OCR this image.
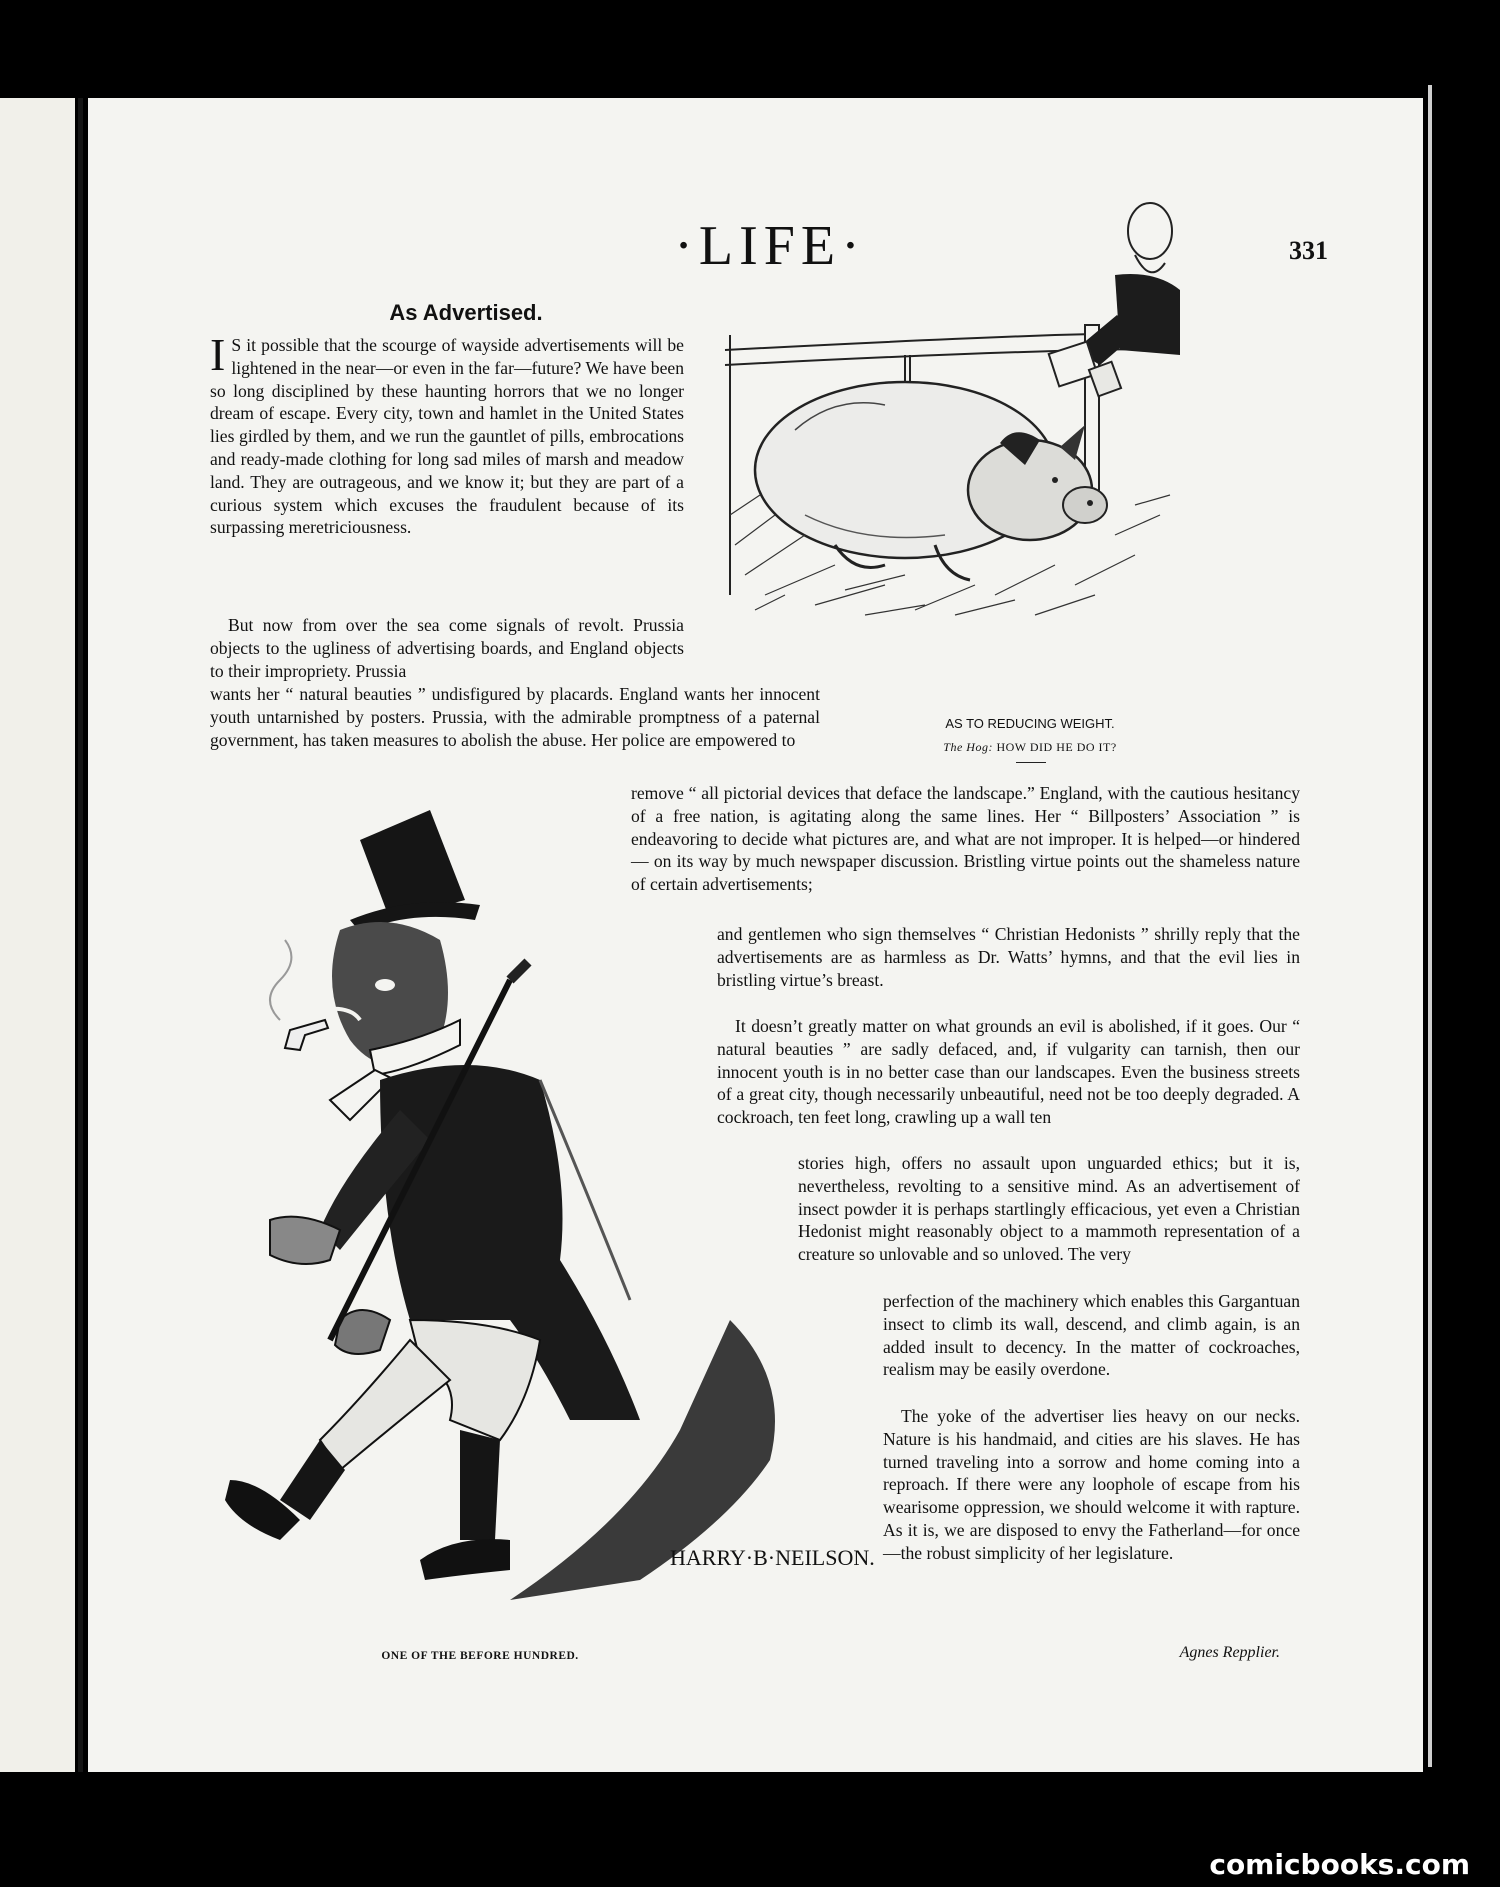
·LIFE·	331
AS TO REDUCING WEIGHT.
The Hog: HOW DID HE DO IT?
HARRY·B·NEILSON.
ONE OF THE BEFORE HUNDRED.
As Advertised.

I S it possible that the scourge of wayside advertisements will be lightened in the near—or even in the far—future? We have been so long disciplined by these haunting horrors that we no longer dream of escape. Every city, town and hamlet in the United States lies girdled by them, and we run the gauntlet of pills, embrocations and ready-made clothing for long sad miles of marsh and meadow land. They are outrageous, and we know it; but they are part of a curious system which excuses the fraudulent because of its surpassing meretriciousness.

But now from over the sea come signals of revolt. Prussia objects to the ugliness of advertising boards, and England objects to their impropriety. Prussia

wants her “ natural beauties ” undisfigured by placards. England wants her innocent youth untarnished by posters. Prussia, with the admirable promptness of a paternal government, has taken measures to abolish the abuse. Her police are empowered to

remove “ all pictorial devices that deface the landscape.” England, with the cautious hesitancy of a free nation, is agitating along the same lines. Her “ Billposters’ Association ” is endeavoring to decide what pictures are, and what are not improper. It is helped—or hindered — on its way by much newspaper discussion. Bristling virtue points out the shameless nature of certain advertisements;

and gentlemen who sign themselves “ Christian Hedonists ” shrilly reply that the advertisements are as harmless as Dr. Watts’ hymns, and that the evil lies in bristling virtue’s breast.

It doesn’t greatly matter on what grounds an evil is abolished, if it goes. Our “ natural beauties ” are sadly defaced, and, if vulgarity can tarnish, then our innocent youth is in no better case than our landscapes. Even the business streets of a great city, though necessarily unbeautiful, need not be too deeply degraded. A cockroach, ten feet long, crawling up a wall ten

stories high, offers no assault upon unguarded ethics; but it is, nevertheless, revolting to a sensitive mind. As an advertisement of insect powder it is perhaps startlingly efficacious, yet even a Christian Hedonist might reasonably object to a mammoth representation of a creature so unlovable and so unloved. The very

perfection of the machinery which enables this Gargantuan insect to climb its wall, descend, and climb again, is an added insult to decency. In the matter of cockroaches, realism may be easily overdone.

The yoke of the advertiser lies heavy on our necks. Nature is his handmaid, and cities are his slaves. He has turned traveling into a sorrow and home coming into a reproach. If there were any loophole of escape from his wearisome oppression, we should welcome it with rapture. As it is, we are disposed to envy the Fatherland—for once—the robust simplicity of her legislature.

Agnes Repplier.
comicbooks.com
